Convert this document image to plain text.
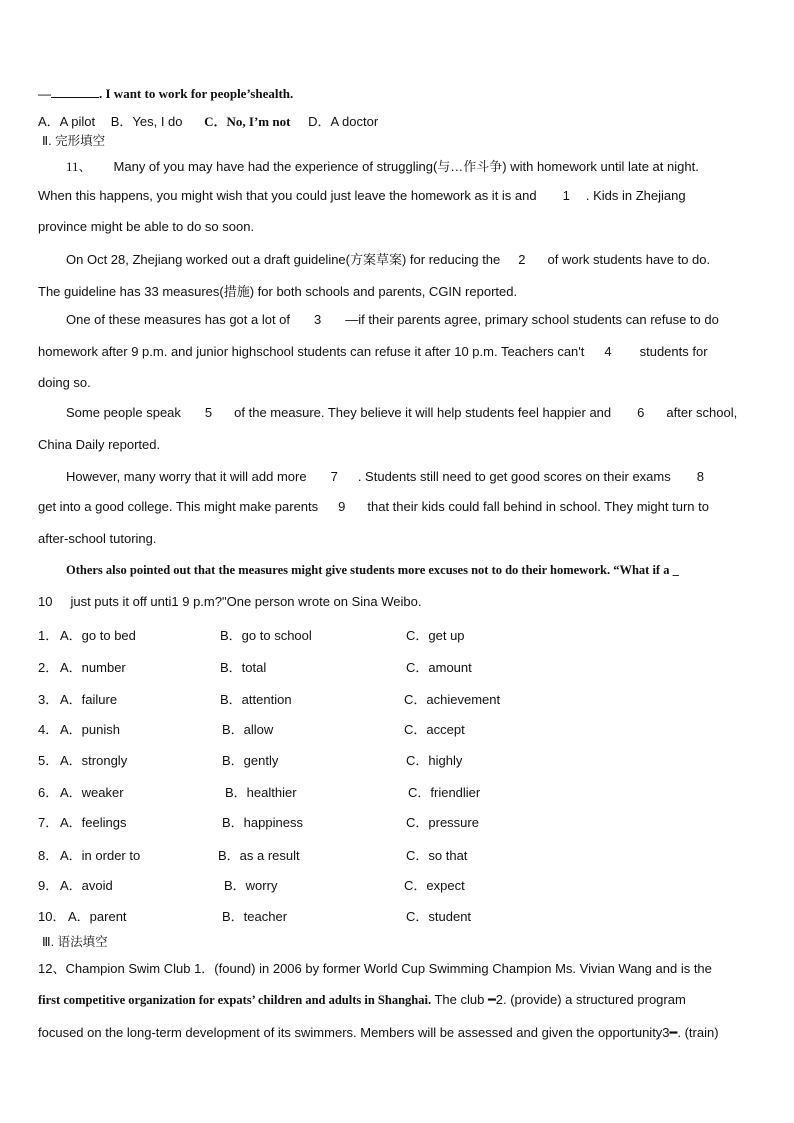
—	. I want to work for people’shealth.
A．A pilot B．Yes, I do C．No, I’m not D．A doctor
Ⅱ. 完形填空
11、 Many of you may have had the experience of struggling(与…作斗争) with homework until late at night.
When this happens, you might wish that you could just leave the homework as it is and 1 . Kids in Zhejiang
province might be able to do so soon.
On Oct 28, Zhejiang worked out a draft guideline(方案草案) for reducing the 2 of work students have to do.
The guideline has 33 measures(措施) for both schools and parents, CGIN reported.
One of these measures has got a lot of 3 —if their parents agree, primary school students can refuse to do
homework after 9 p.m. and junior highschool students can refuse it after 10 p.m. Teachers can't 4 students for
doing so.
Some people speak 5 of the measure. They believe it will help students feel happier and 6 after school,
China Daily reported.
However, many worry that it will add more 7 . Students still need to get good scores on their exams 8
get into a good college. This might make parents 9 that their kids could fall behind in school. They might turn to
after-school tutoring.
Others also pointed out that the measures might give students more excuses not to do their homework. “What if a _
10 just puts it off unti1 9 p.m?"One person wrote on Sina Weibo.
1． A．go to bed	B．go to school	C．get up
2． A．number	B．total	C．amount
3． A．failure	B．attention	C．achievement
4． A．punish	B．allow	C．accept
5． A．strongly	B．gently	C．highly
6． A．weaker	B．healthier	C．friendlier
7． A．feelings	B．happiness	C．pressure
8． A．in order to	B．as a result	C．so that
9． A．avoid	B．worry	C．expect
10． A．parent	B．teacher	C．student
Ⅲ. 语法填空
12、Champion Swim Club 1．(found) in 2006 by former World Cup Swimming Champion Ms. Vivian Wang and is the
first competitive organization for expats’ children and adults in Shanghai. The club ━2. (provide) a structured program
focused on the long-term development of its swimmers. Members will be assessed and given the opportunity3━. (train)
